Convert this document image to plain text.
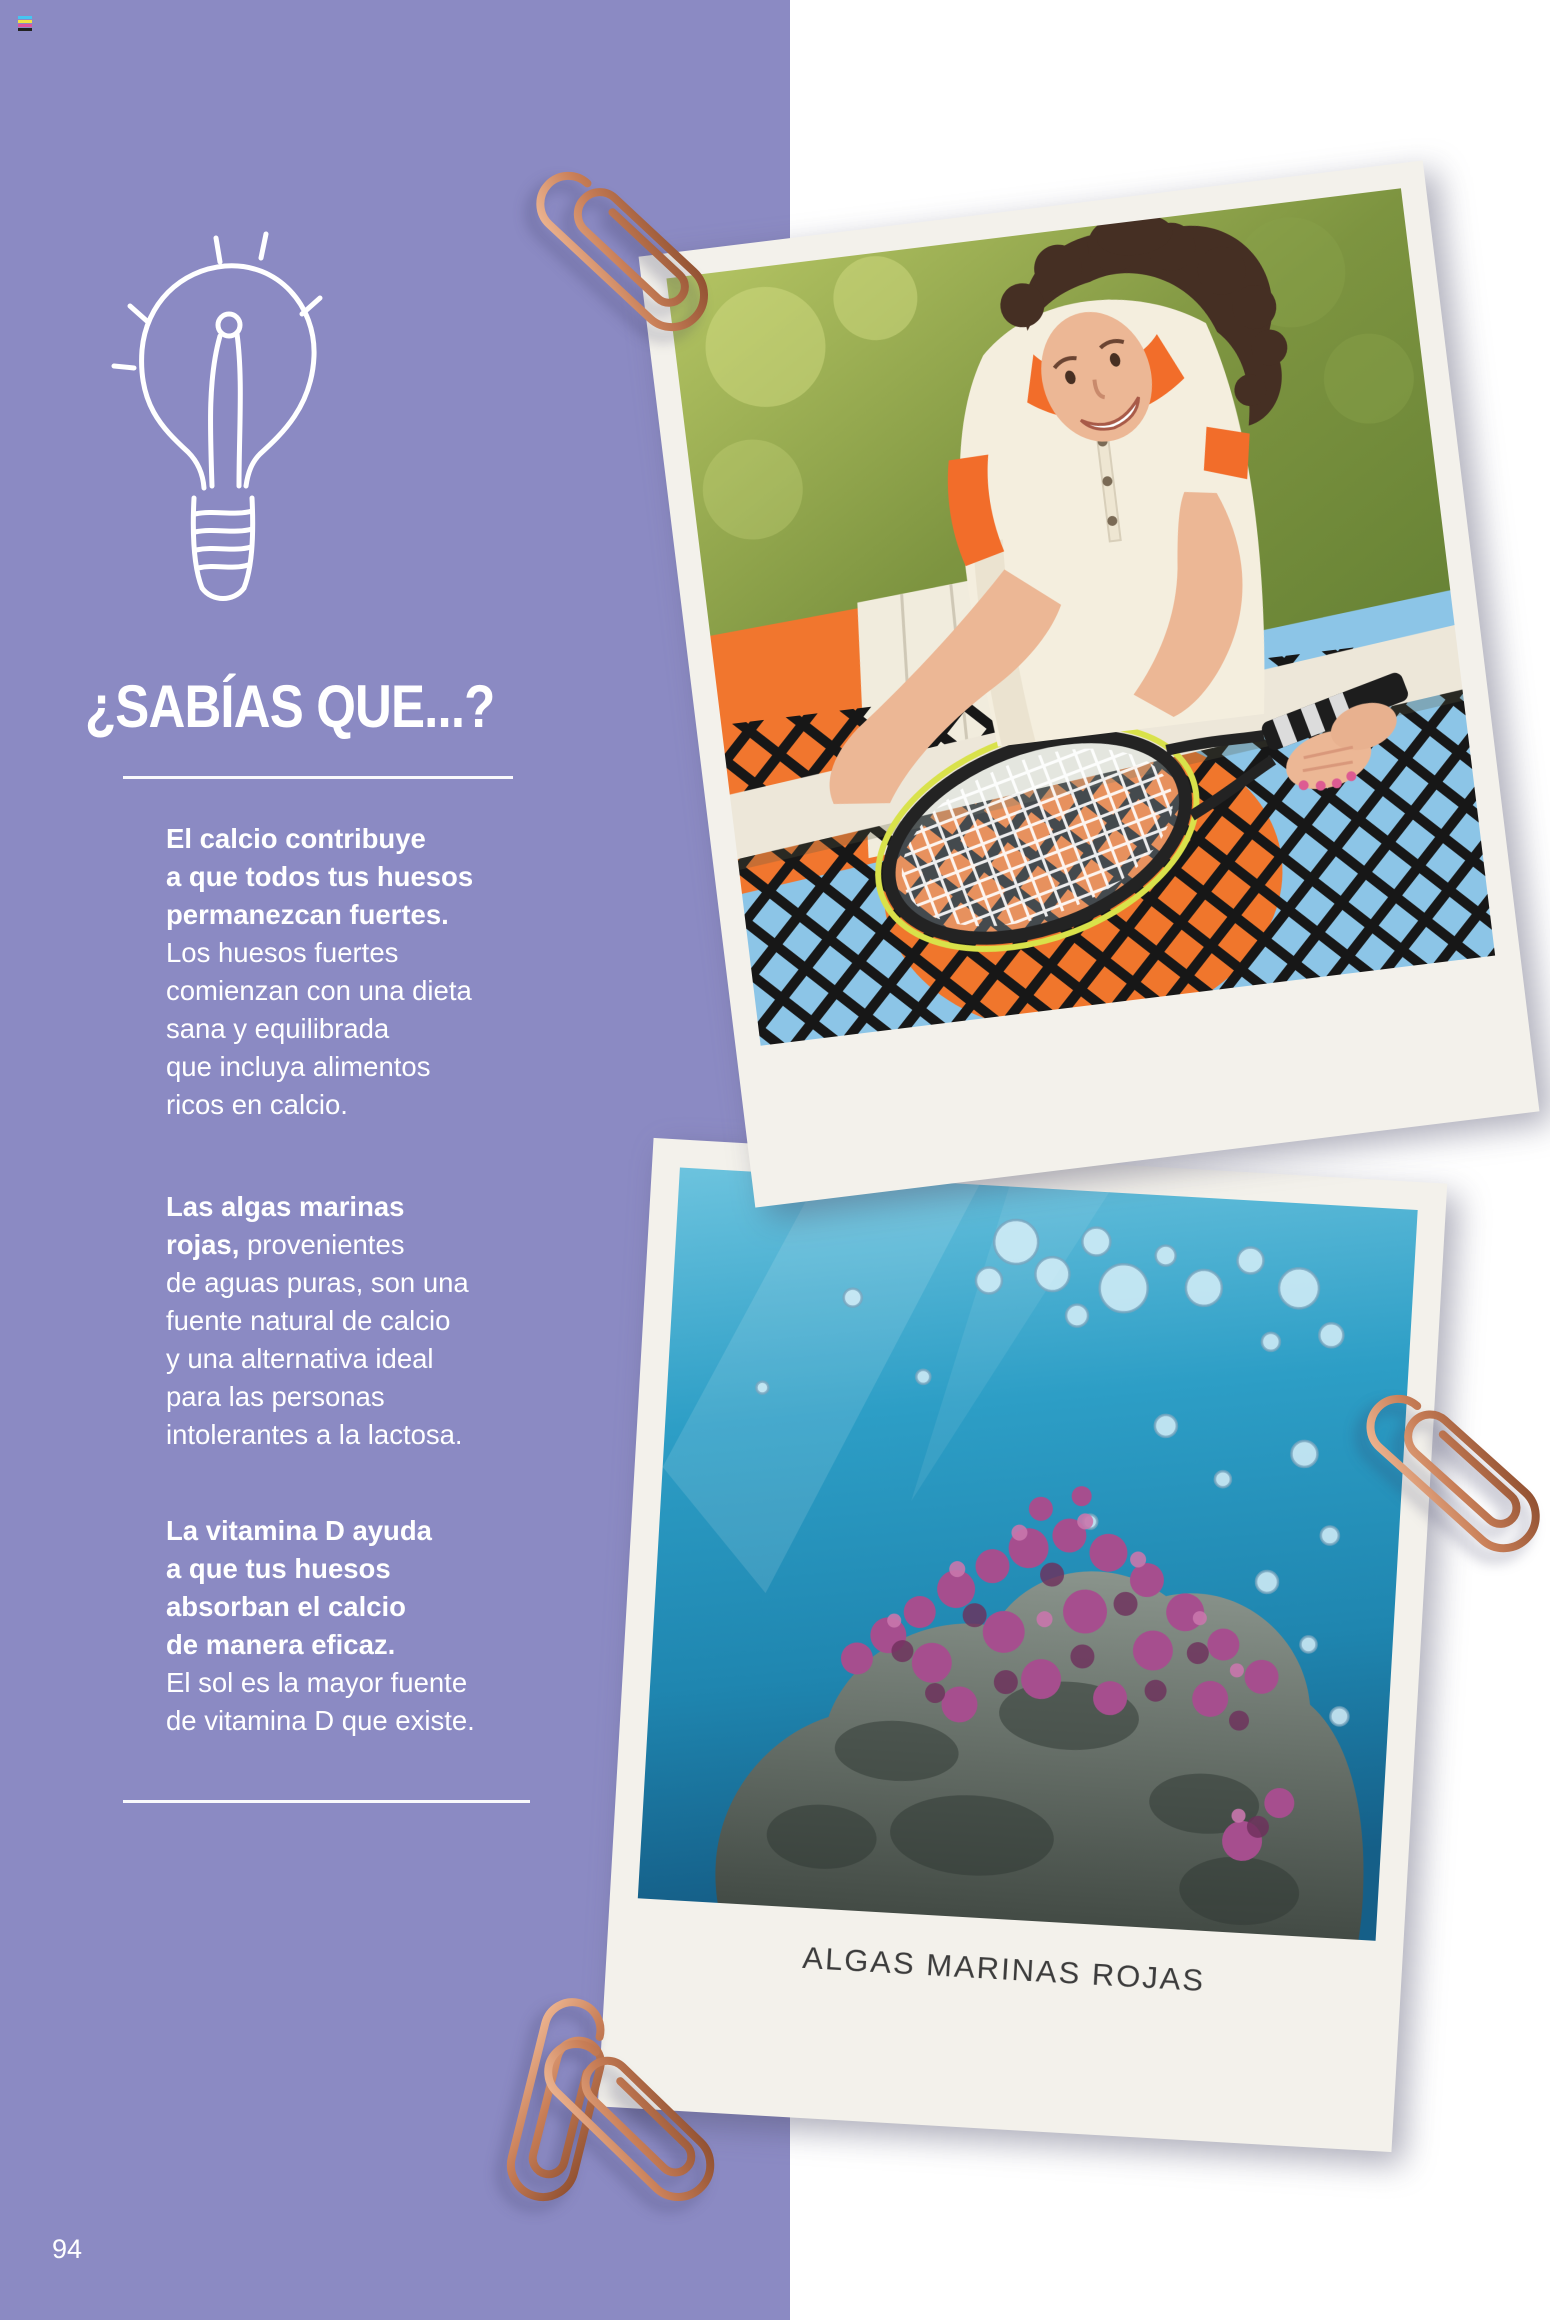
¿SABÍAS QUE...?
El calcio contribuye
a que todos tus huesos
permanezcan fuertes.
Los huesos fuertes
comienzan con una dieta
sana y equilibrada
que incluya alimentos
ricos en calcio.
Las algas marinas
rojas, provenientes
de aguas puras, son una
fuente natural de calcio
y una alternativa ideal
para las personas
intolerantes a la lactosa.
La vitamina D ayuda
a que tus huesos
absorban el calcio
de manera eficaz.
El sol es la mayor fuente
de vitamina D que existe.
ALGAS MARINAS ROJAS
94
